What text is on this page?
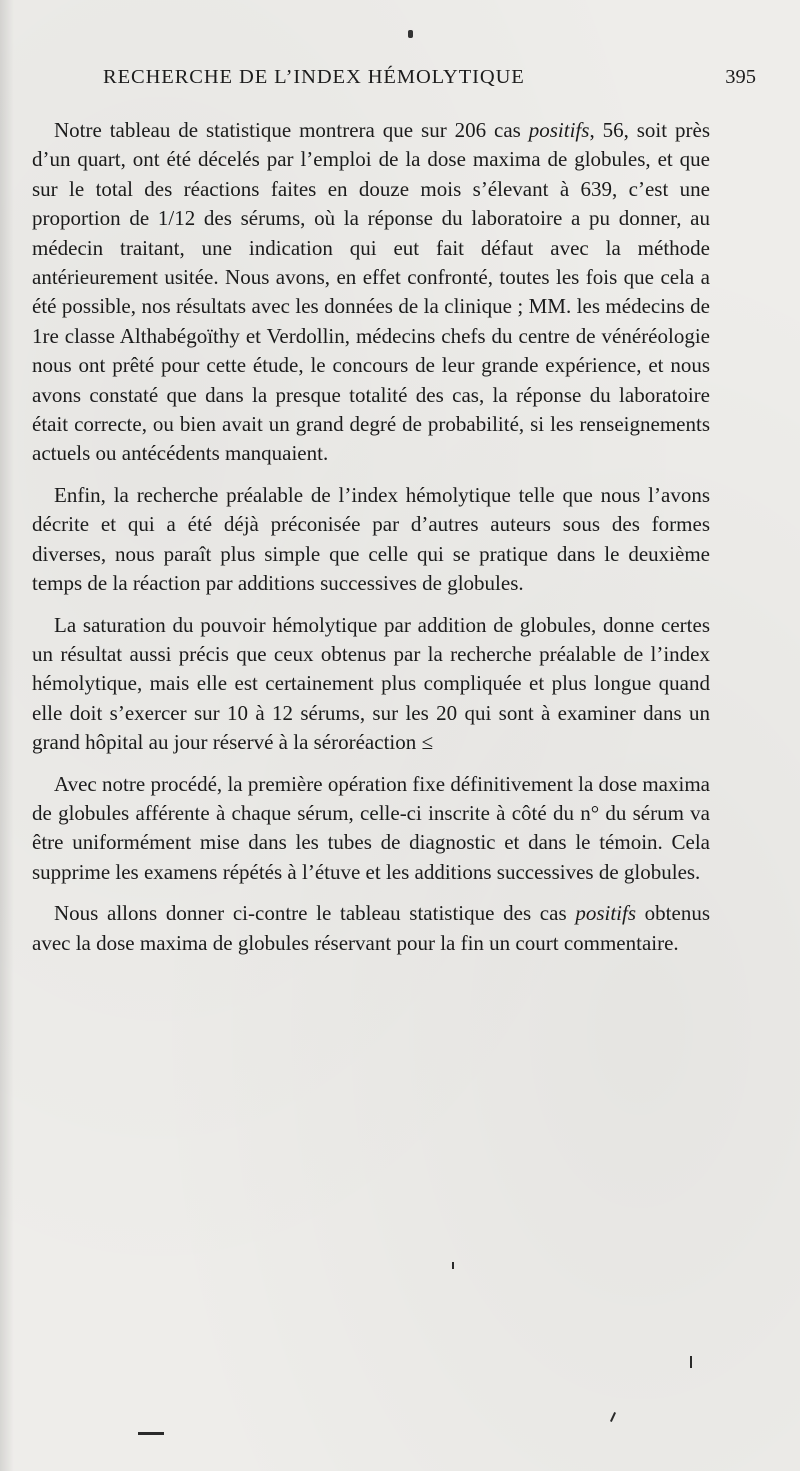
RECHERCHE DE L’INDEX HÉMOLYTIQUE	395

Notre tableau de statistique montrera que sur 206 cas positifs, 56, soit près d’un quart, ont été décelés par l’emploi de la dose maxima de globules, et que sur le total des réactions faites en douze mois s’élevant à 639, c’est une proportion de 1/12 des sérums, où la réponse du laboratoire a pu donner, au médecin traitant, une indication qui eut fait défaut avec la méthode antérieurement usitée. Nous avons, en effet confronté, toutes les fois que cela a été possible, nos résultats avec les données de la clinique ; MM. les médecins de 1re classe Althabégoïthy et Verdollin, médecins chefs du centre de vénéréologie nous ont prêté pour cette étude, le concours de leur grande expérience, et nous avons constaté que dans la presque totalité des cas, la réponse du laboratoire était correcte, ou bien avait un grand degré de probabilité, si les renseignements actuels ou antécédents manquaient.

Enfin, la recherche préalable de l’index hémolytique telle que nous l’avons décrite et qui a été déjà préconisée par d’autres auteurs sous des formes diverses, nous paraît plus simple que celle qui se pratique dans le deuxième temps de la réaction par additions successives de globules.

La saturation du pouvoir hémolytique par addition de globules, donne certes un résultat aussi précis que ceux obtenus par la recherche préalable de l’index hémolytique, mais elle est certainement plus compliquée et plus longue quand elle doit s’exercer sur 10 à 12 sérums, sur les 20 qui sont à examiner dans un grand hôpital au jour réservé à la séroréaction ≤

Avec notre procédé, la première opération fixe définitivement la dose maxima de globules afférente à chaque sérum, celle-ci inscrite à côté du n° du sérum va être uniformément mise dans les tubes de diagnostic et dans le témoin. Cela supprime les examens répétés à l’étuve et les additions successives de globules.

Nous allons donner ci-contre le tableau statistique des cas positifs obtenus avec la dose maxima de globules réservant pour la fin un court commentaire.
